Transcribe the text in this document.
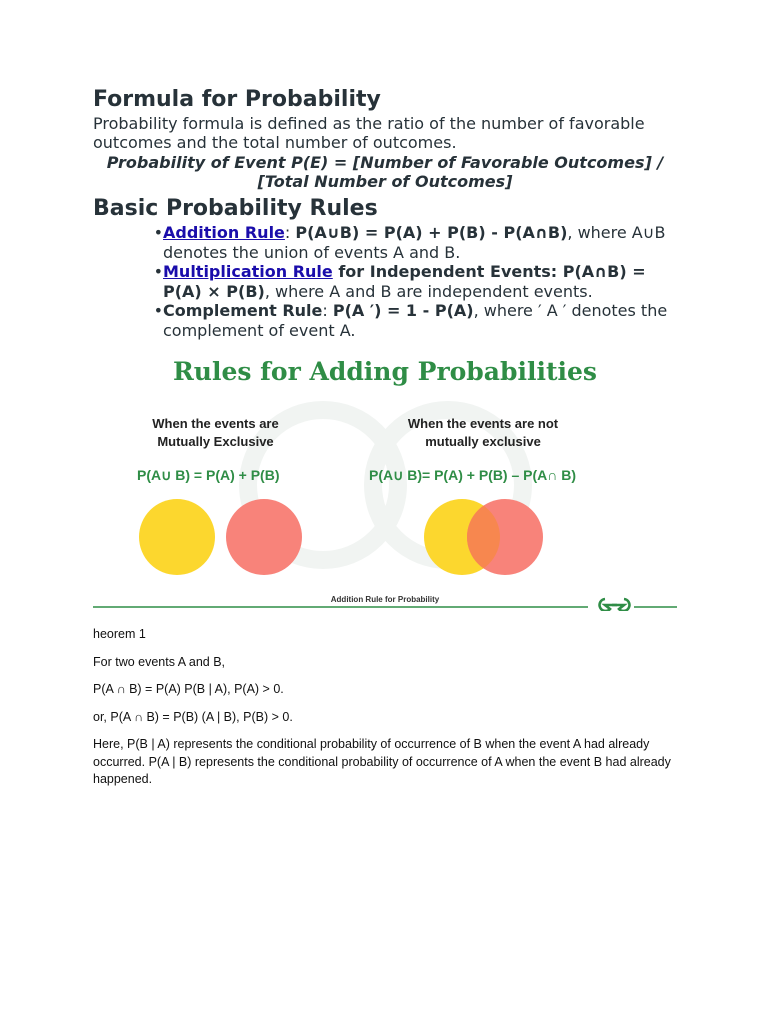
Formula for Probability

Probability formula is defined as the ratio of the number of favorable outcomes and the total number of outcomes.

Probability of Event P(E) = [Number of Favorable Outcomes] / [Total Number of Outcomes]

Basic Probability Rules
• Addition Rule: P(A∪B) = P(A) + P(B) - P(A∩B), where A∪B denotes the union of events A and B.
• Multiplication Rule for Independent Events: P(A∩B) = P(A) × P(B), where A and B are independent events.
• Complement Rule: P(A ′) = 1 - P(A), where ′ A ′ denotes the complement of event A.
Rules for Adding Probabilities
When the events are Mutually Exclusive
When the events are not mutually exclusive
P(A∪ B) = P(A) + P(B)	P(A∪ B)= P(A) + P(B) – P(A∩ B)
Addition Rule for Probability

heorem 1

For two events A and B,

P(A ∩ B) = P(A) P(B | A), P(A) > 0.

or, P(A ∩ B) = P(B) (A | B), P(B) > 0.

Here, P(B | A) represents the conditional probability of occurrence of B when the event A had already occurred. P(A | B) represents the conditional probability of occurrence of A when the event B had already happened.
